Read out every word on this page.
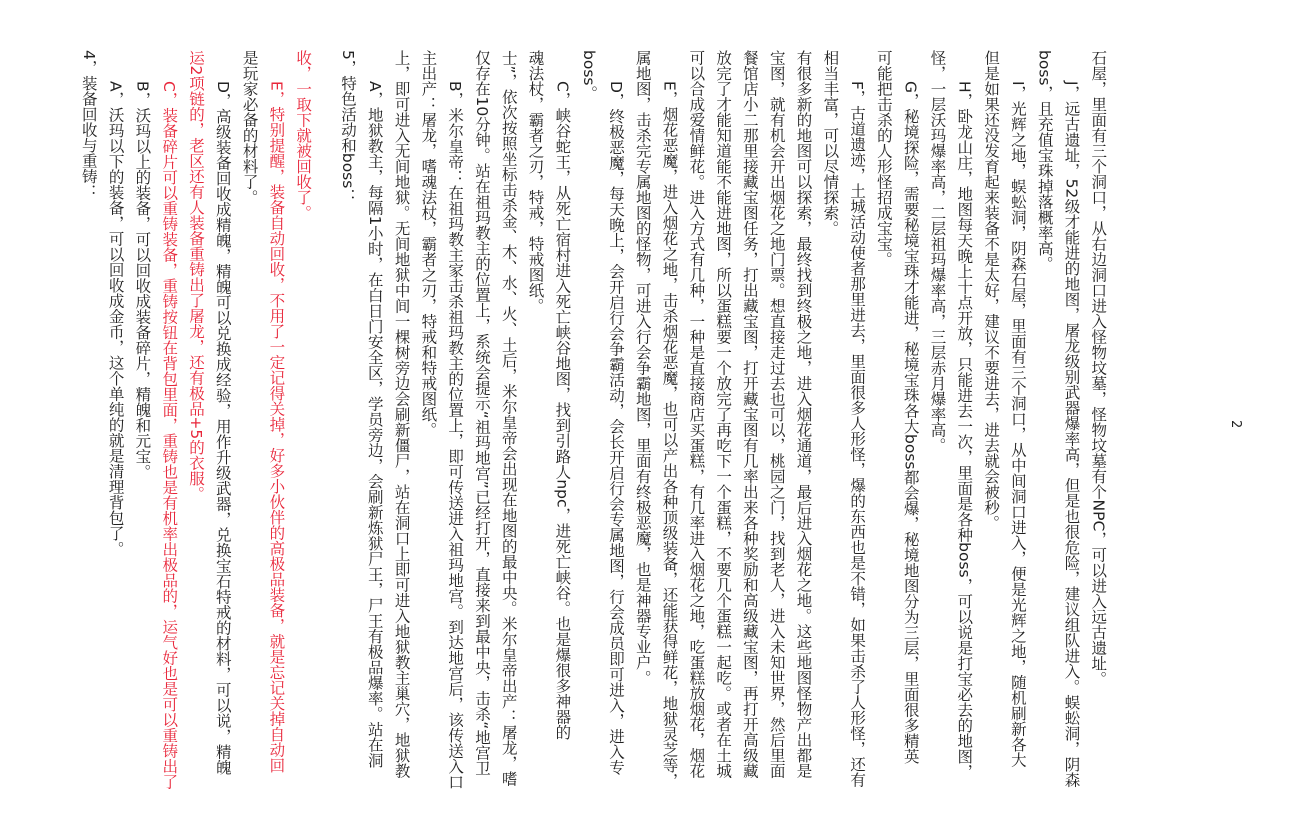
4，装备回收与重铸： A，沃玛以下的装备，可以回收成金币，这个单纯的就是清理背包了。 B，沃玛以上的装备，可以回收成装备碎片，精魄和元宝。 C，装备碎片可以重铸装备，重铸按钮在背包里面，重铸也是有机率出极品的，运气好也是可以重铸出了运2项链的，老区还有人装备重铸出了屠龙，还有极品+5的衣服。 D，高级装备回收成精魄，精魄可以兑换成经验，用作升级武器，兑换宝石特戒的材料，可以说，精魄是玩家必备的材料了。 E，特别提醒，装备自动回收，不用了一定记得关掉，好多小伙伴的高极品装备，就是忘记关掉自动回收，一取下就被回收了。	5，特色活动和boss： A，地狱教主，每隔1小时，在白日门安全区，学员旁边，会刷新炼狱尸王，尸王有极品爆率。站在洞上，即可进入无间地狱。无间地狱中间一棵树旁边会刷新僵尸，站在洞口上即可进入地狱教主巢穴，地狱教主出产：屠龙，嗜魂法杖，霸者之刃，特戒和特戒图纸。 B，米尔皇帝：在祖玛教主家击杀祖玛教主的位置上，即可传送进入祖玛地宫。到达地宫后，该传送入口仅存在10分钟。站在祖玛教主的位置上，系统会提示“祖玛地宫”已经打开，直接来到最中央，击杀“地宫卫士”，依次按照坐标击杀金、木、水、火、土后，米尔皇帝会出现在地图的最中央。米尔皇帝出产：屠龙，嗜魂法杖，霸者之刃，特戒，特戒图纸。 C，峡谷蛇王，从死亡宿村进入死亡峡谷地图，找到引路人npc，进死亡峡谷。也是爆很多神器的boss。

D，终极恶魔，每天晚上，会开启行会争霸活动，会长开启行会专属地图，行会成员即可进入，进入专属地图，击杀完专属地图的怪物，可进入行会争霸地图，里面有终极恶魔，也是神器专业户。 E，烟花恶魔，进入烟花之地，击杀烟花恶魔，也可以产出各种顶级装备，还能获得鲜花，地狱灵芝等，可以合成爱情鲜花。进入方式有几种，一种是直接商店买蛋糕，有几率进入烟花之地，吃蛋糕放烟花，烟花放完了才能知道能不能进地图，所以蛋糕要一个放完了再吃下一个蛋糕，不要几个蛋糕一起吃。或者在土城餐馆店小二那里接藏宝图任务，打出藏宝图，打开藏宝图有几率出来各种奖励和高级藏宝图，再打开高级藏宝图，就有机会开出烟花之地门票。想直接走过去也可以，桃园之门，找到老人，进入未知世界，然后里面有很多新的地图可以探索，最终找到终极之地，进入烟花通道，最后进入烟花之地。这些地图怪物产出都是相当丰富，可以尽情探索。 F，古道遗迹，土城活动使者那里进去，里面很多人形怪，爆的东西也是不错，如果击杀了人形怪，还有可能把击杀的人形怪招成宝宝。 G，秘境探险，需要秘境宝珠才能进，秘境宝珠各大boss都会爆，秘境地图分为三层，里面很多精英怪，一层沃玛爆率高，二层祖玛爆率高，三层赤月爆率高。 H，卧龙山庄，地图每天晚上十点开放，只能进去一次，里面是各种boss，可以说是打宝必去的地图，但是如果还没发育起来装备不是太好，建议不要进去，进去就会被秒。 I，光辉之地，蜈蚣洞，阴森石屋，里面有三个洞口，从中间洞口进入，便是光辉之地，随机刷新各大boss，且充值宝珠掉落概率高。 J，远古遗址，52级才能进的地图，屠龙级别武器爆率高，但是也很危险，建议组队进入。蜈蚣洞，阴森石屋，里面有三个洞口，从右边洞口进入怪物坟墓，怪物坟墓有个NPC，可以进入远古遗址。	2
